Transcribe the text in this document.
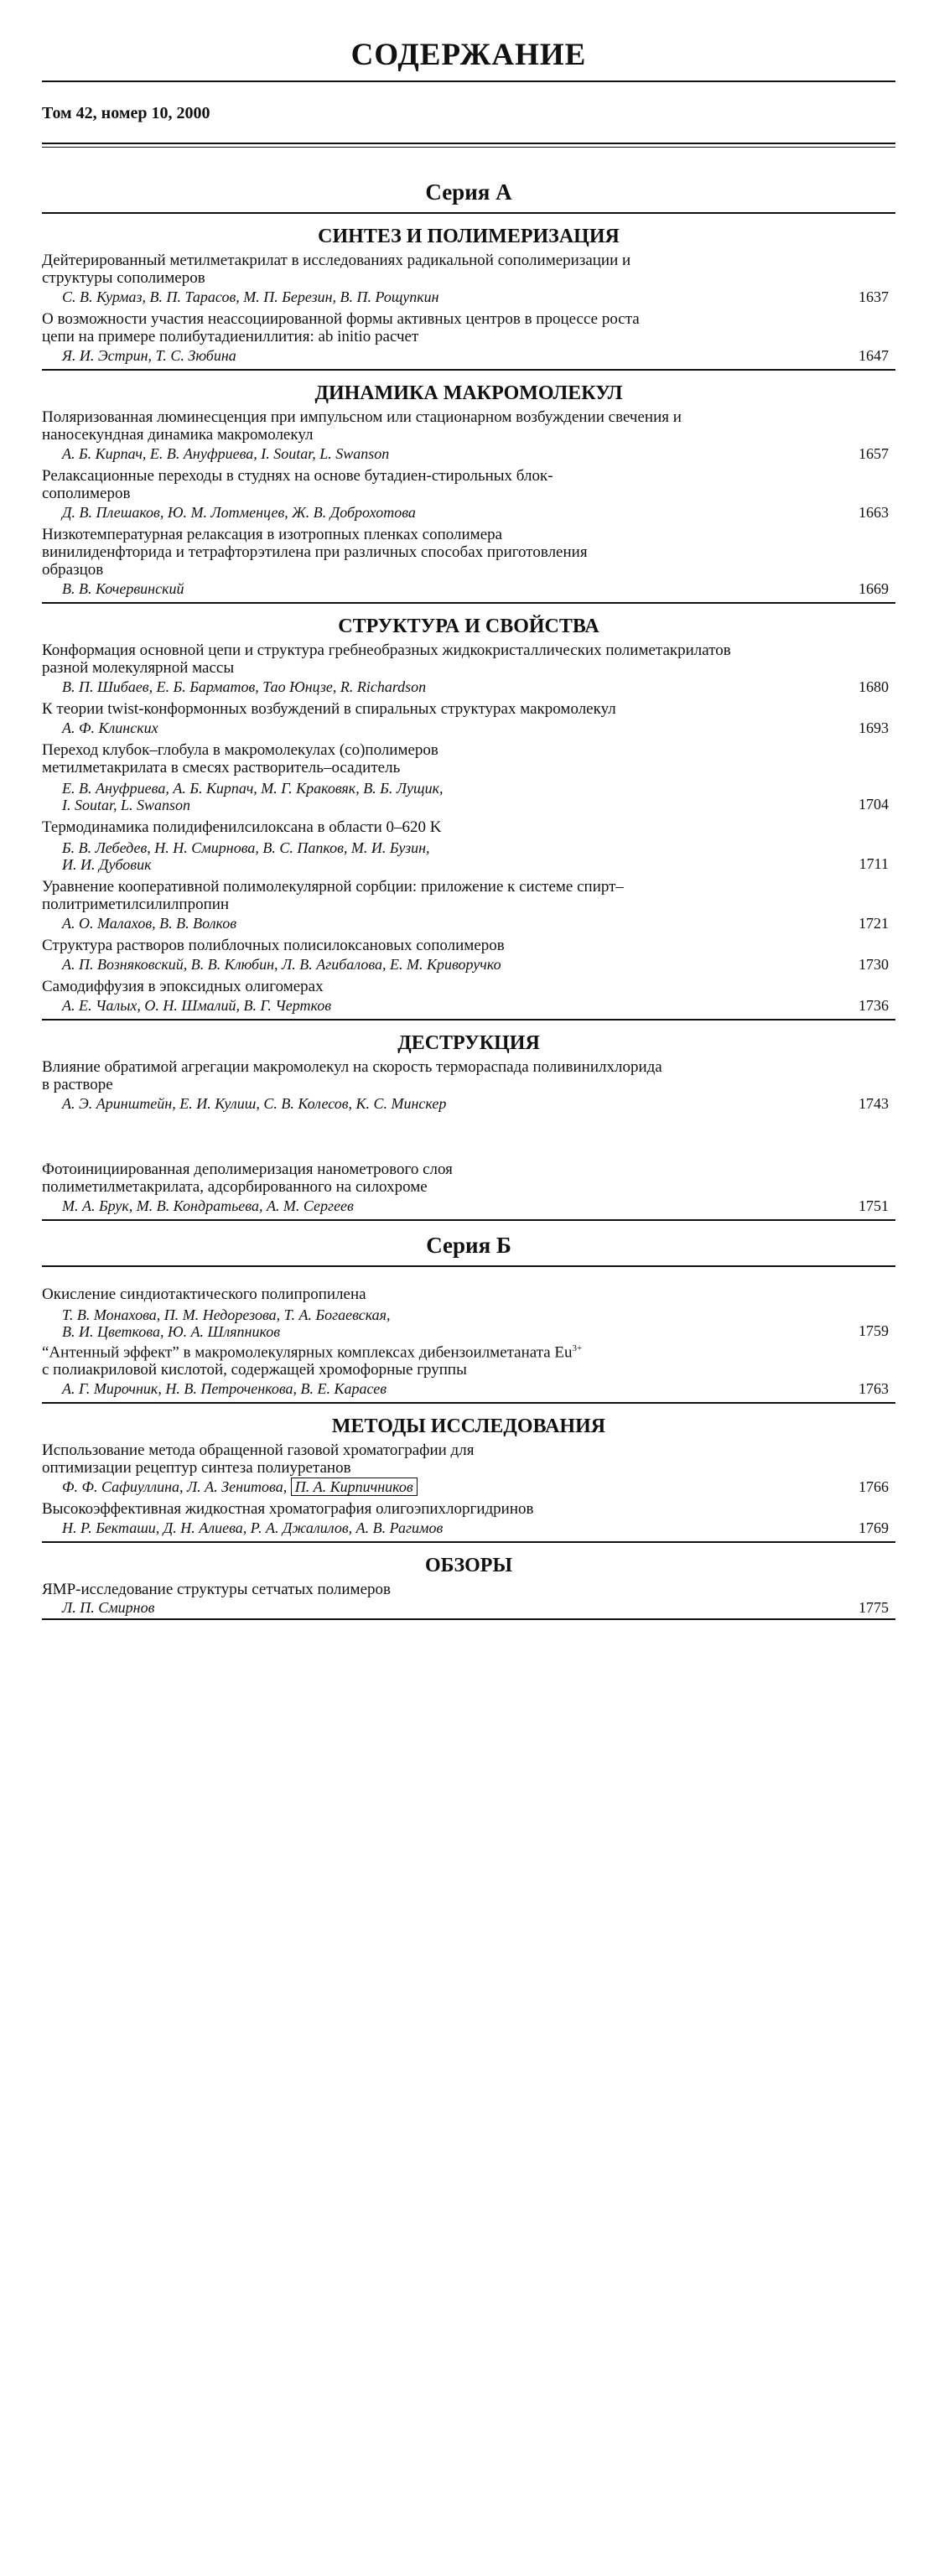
СОДЕРЖАНИЕ
Том 42, номер 10, 2000
Серия А
СИНТЕЗ И ПОЛИМЕРИЗАЦИЯ
Дейтерированный метилметакрилат в исследованиях радикальной сополимеризации и структуры сополимеров
С. В. Курмаз, В. П. Тарасов, М. П. Березин, В. П. Рощупкин	1637
О возможности участия неассоциированной формы активных центров в процессе роста цепи на примере полибутадиениллития: ab initio расчет
Я. И. Эстрин, Т. С. Зюбина	1647
ДИНАМИКА МАКРОМОЛЕКУЛ
Поляризованная люминесценция при импульсном или стационарном возбуждении свечения и наносекундная динамика макромолекул
А. Б. Кирпач, Е. В. Ануфриева, I. Soutar, L. Swanson	1657
Релаксационные переходы в студнях на основе бутадиен-стирольных блок-сополимеров
Д. В. Плешаков, Ю. М. Лотменцев, Ж. В. Доброхотова	1663
Низкотемпературная релаксация в изотропных пленках сополимера винилиденфторида и тетрафторэтилена при различных способах приготовления образцов
В. В. Кочервинский	1669
СТРУКТУРА И СВОЙСТВА
Конформация основной цепи и структура гребнеобразных жидкокристаллических полиметакрилатов разной молекулярной массы
В. П. Шибаев, Е. Б. Барматов, Тао Юнцзе, R. Richardson	1680
К теории twist-конформонных возбуждений в спиральных структурах макромолекул
А. Ф. Клинских	1693
Переход клубок–глобула в макромолекулах (со)полимеров метилметакрилата в смесях растворитель–осадитель
Е. В. Ануфриева, А. Б. Кирпач, М. Г. Краковяк, В. Б. Лущик,
I. Soutar, L. Swanson	1704
Термодинамика полидифенилсилоксана в области 0–620 K
Б. В. Лебедев, Н. Н. Смирнова, В. С. Папков, М. И. Бузин,
И. И. Дубовик	1711
Уравнение кооперативной полимолекулярной сорбции: приложение к системе спирт–политриметилсилилпропин
А. О. Малахов, В. В. Волков	1721
Структура растворов полиблочных полисилоксановых сополимеров
А. П. Возняковский, В. В. Клюбин, Л. В. Агибалова, Е. М. Криворучко	1730
Самодиффузия в эпоксидных олигомерах
А. Е. Чалых, О. Н. Шмалий, В. Г. Чертков	1736
ДЕСТРУКЦИЯ
Влияние обратимой агрегации макромолекул на скорость термораспада поливинилхлорида в растворе
А. Э. Аринштейн, Е. И. Кулиш, С. В. Колесов, К. С. Минскер	1743
Фотоинициированная деполимеризация нанометрового слоя полиметилметакрилата, адсорбированного на силохроме
М. А. Брук, М. В. Кондратьева, А. М. Сергеев	1751
Серия Б
Окисление синдиотактического полипропилена
Т. В. Монахова, П. М. Недорезова, Т. А. Богаевская,
В. И. Цветкова, Ю. А. Шляпников	1759
“Антенный эффект” в макромолекулярных комплексах дибензоилметаната $Eu^{3+}$
с полиакриловой кислотой, содержащей хромофорные группы
А. Г. Мирочник, Н. В. Петроченкова, В. Е. Карасев	1763
МЕТОДЫ ИССЛЕДОВАНИЯ
Использование метода обращенной газовой хроматографии для оптимизации рецептур синтеза полиуретанов
Ф. Ф. Сафиуллина, Л. А. Зенитова, П. А. Кирпичников	1766
Высокоэффективная жидкостная хроматография олигоэпихлоргидринов
Н. Р. Бекташи, Д. Н. Алиева, Р. А. Джалилов, А. В. Рагимов	1769
ОБЗОРЫ
ЯМР-исследование структуры сетчатых полимеров
Л. П. Смирнов	1775
